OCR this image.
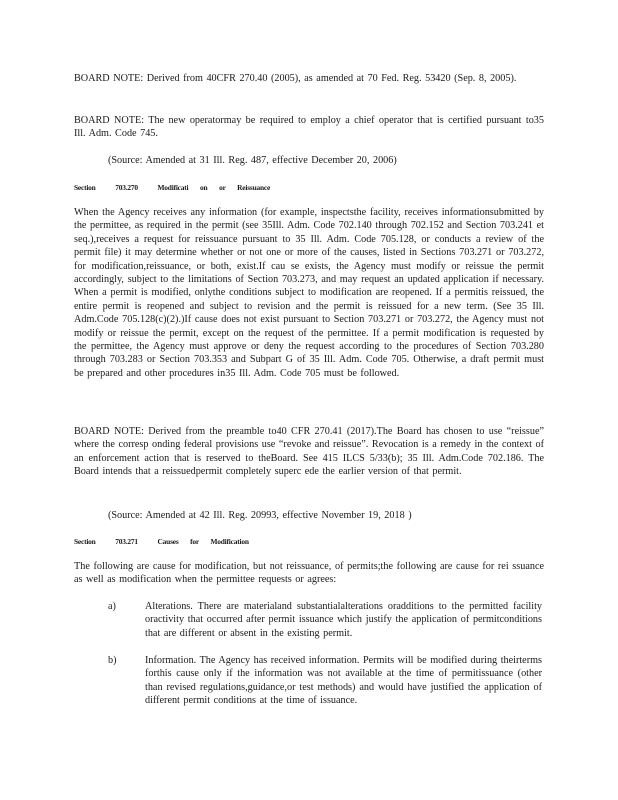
BOARD NOTE: Derived from 40CFR 270.40 (2005), as amended at 70 Fed. Reg. 53420 (Sep. 8, 2005).
BOARD NOTE: The new operatormay be required to employ a chief operator that is certified pursuant to35 Ill. Adm. Code 745.
(Source: Amended at 31 Ill. Reg. 487, effective December 20, 2006)
Section	703.270	Modificati on or Reissuance
When the Agency receives any information (for example, inspectsthe facility, receives informationsubmitted by the permittee, as required in the permit (see 35Ill. Adm. Code 702.140 through 702.152 and Section 703.241 et seq.),receives a request for reissuance pursuant to 35 Ill. Adm. Code 705.128, or conducts a review of the permit file) it may determine whether or not one or more of the causes, listed in Sections 703.271 or 703.272, for modification,reissuance, or both, exist.If cau se exists, the Agency must modify or reissue the permit accordingly, subject to the limitations of Section 703.273, and may request an updated application if necessary. When a permit is modified, onlythe conditions subject to modification are reopened. If a permitis reissued, the entire permit is reopened and subject to revision and the permit is reissued for a new term. (See 35 Ill. Adm.Code 705.128(c)(2).)If cause does not exist pursuant to Section 703.271 or 703.272, the Agency must not modify or reissue the permit, except on the request of the permittee. If a permit modification is requested by the permittee, the Agency must approve or deny the request according to the procedures of Section 703.280 through 703.283 or Section 703.353 and Subpart G of 35 Ill. Adm. Code 705. Otherwise, a draft permit must be prepared and other procedures in35 Ill. Adm. Code 705 must be followed.
BOARD NOTE: Derived from the preamble to40 CFR 270.41 (2017).The Board has chosen to use “reissue” where the corresp onding federal provisions use “revoke and reissue”. Revocation is a remedy in the context of an enforcement action that is reserved to theBoard. See 415 ILCS 5/33(b); 35 Ill. Adm.Code 702.186. The Board intends that a reissuedpermit completely superc ede the earlier version of that permit.
(Source: Amended at 42 Ill. Reg. 20993, effective November 19, 2018 )
Section	703.271	Causes for Modification
The following are cause for modification, but not reissuance, of permits;the following are cause for rei ssuance as well as modification when the permittee requests or agrees:
a)	Alterations. There are materialand substantialalterations oradditions to the permitted facility oractivity that occurred after permit issuance which justify the application of permitconditions that are different or absent in the existing permit.
b)	Information. The Agency has received information. Permits will be modified during theirterms forthis cause only if the information was not available at the time of permitissuance (other than revised regulations,guidance,or test methods) and would have justified the application of different permit conditions at the time of issuance.
